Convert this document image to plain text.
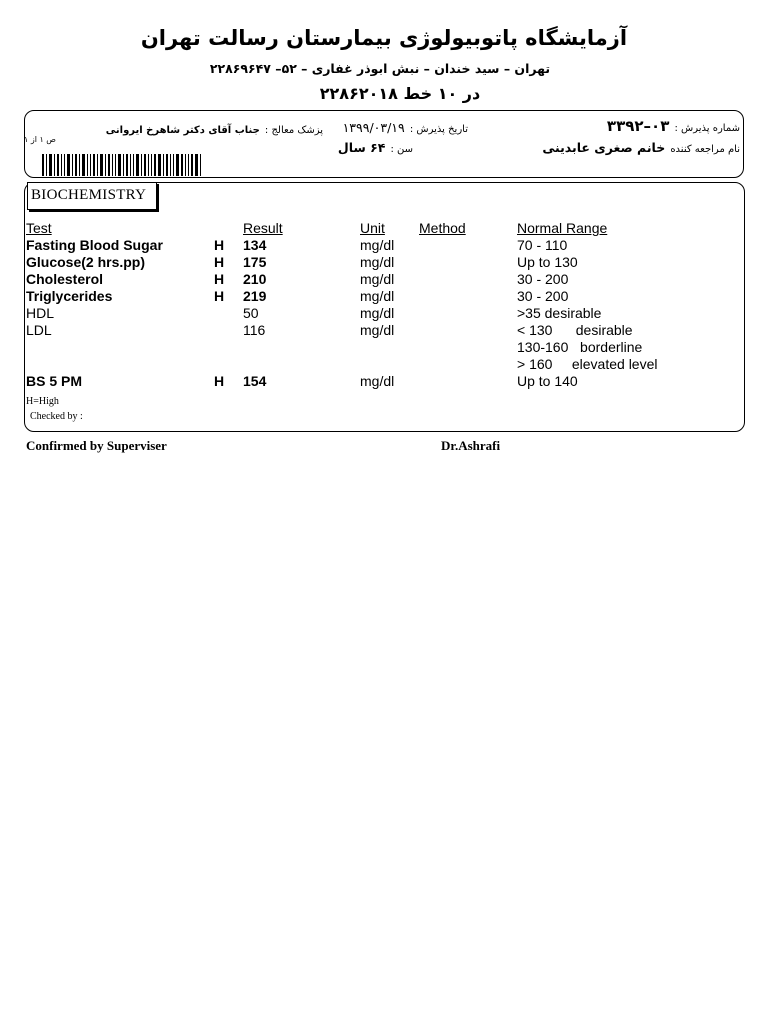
آزمایشگاه پاتوبیولوژی بیمارستان رسالت تهران
تهران – سید خندان – نبش ابوذر غفاری – ۵۲– ۲۲۸۶۹۶۴۷
در ۱۰ خط ۲۲۸۶۲۰۱۸
شماره پذیرش : ۰۳–۳۳۹۲
تاریخ پذیرش : ۱۳۹۹/۰۳/۱۹
پزشک معالج : جناب آقای دکتر شاهرخ ایروانی
نام مراجعه کننده خانم صغری عابدینی
سن : ۶۴ سال
ص ۱ از ۱
BIOCHEMISTRY
Test	Result	Unit Method	Normal Range
Fasting Blood Sugar	H 134	mg/dl	70 - 110
Glucose(2 hrs.pp)	H 175	mg/dl	Up to 130
Cholesterol	H 210	mg/dl	30 - 200
Triglycerides	H 219	mg/dl	30 - 200
HDL	50	mg/dl	>35 desirable
LDL	116	mg/dl	< 130      desirable
130-160   borderline
> 160     elevated level
BS 5 PM	H 154	mg/dl	Up to 140
H=High
Checked by :
Confirmed by Superviser	Dr.Ashrafi
